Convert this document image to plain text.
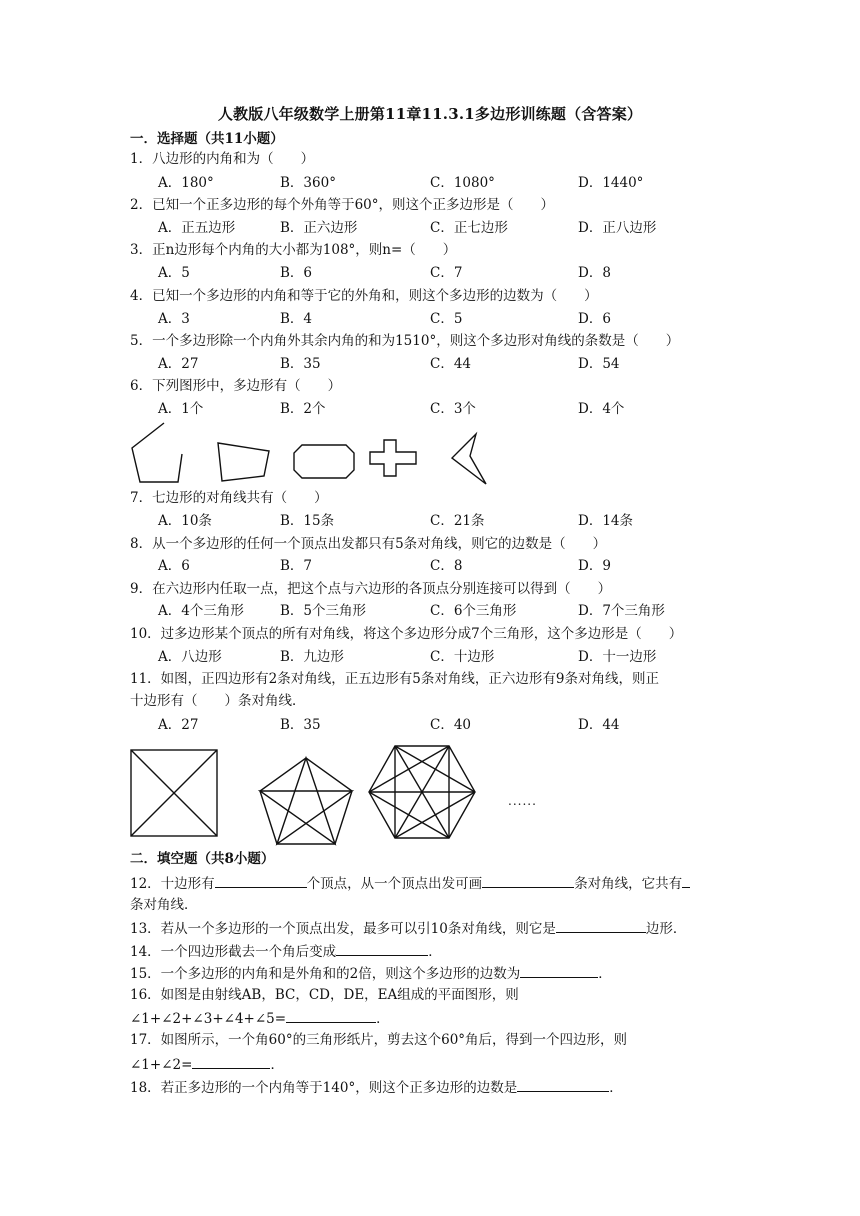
人教版八年级数学上册第11章11.3.1多边形训练题（含答案）
一．选择题（共11小题）
1．八边形的内角和为（　　）
A．180°	B．360°	C．1080°	D．1440°
2．已知一个正多边形的每个外角等于60°，则这个正多边形是（　　）
A．正五边形	B．正六边形	C．正七边形	D．正八边形
3．正n边形每个内角的大小都为108°，则n=（　　）
A．5	B．6	C．7	D．8
4．已知一个多边形的内角和等于它的外角和，则这个多边形的边数为（　　）
A．3	B．4	C．5	D．6
5．一个多边形除一个内角外其余内角的和为1510°，则这个多边形对角线的条数是（　　）
A．27	B．35	C．44	D．54
6．下列图形中，多边形有（　　）
A．1个	B．2个	C．3个	D．4个
7．七边形的对角线共有（　　）
A．10条	B．15条	C．21条	D．14条
8．从一个多边形的任何一个顶点出发都只有5条对角线，则它的边数是（　　）
A．6	B．7	C．8	D．9
9．在六边形内任取一点，把这个点与六边形的各顶点分别连接可以得到（　　）
A．4个三角形	B．5个三角形	C．6个三角形	D．7个三角形
10．过多边形某个顶点的所有对角线，将这个多边形分成7个三角形，这个多边形是（　　）
A．八边形	B．九边形	C．十边形	D．十一边形
11．如图，正四边形有2条对角线，正五边形有5条对角线，正六边形有9条对角线，则正
十边形有（　　）条对角线．
A．27	B．35	C．40	D．44
......
二．填空题（共8小题）
12．十边形有	个顶点，从一个顶点出发可画	条对角线，它共有
条对角线．
13．若从一个多边形的一个顶点出发，最多可以引10条对角线，则它是	边形．
14．一个四边形截去一个角后变成	．
15．一个多边形的内角和是外角和的2倍，则这个多边形的边数为	．
16．如图是由射线AB，BC，CD，DE，EA组成的平面图形，则
∠1+∠2+∠3+∠4+∠5=	．
17．如图所示，一个角60°的三角形纸片，剪去这个60°角后，得到一个四边形，则
∠1+∠2=	．
18．若正多边形的一个内角等于140°，则这个正多边形的边数是	．
